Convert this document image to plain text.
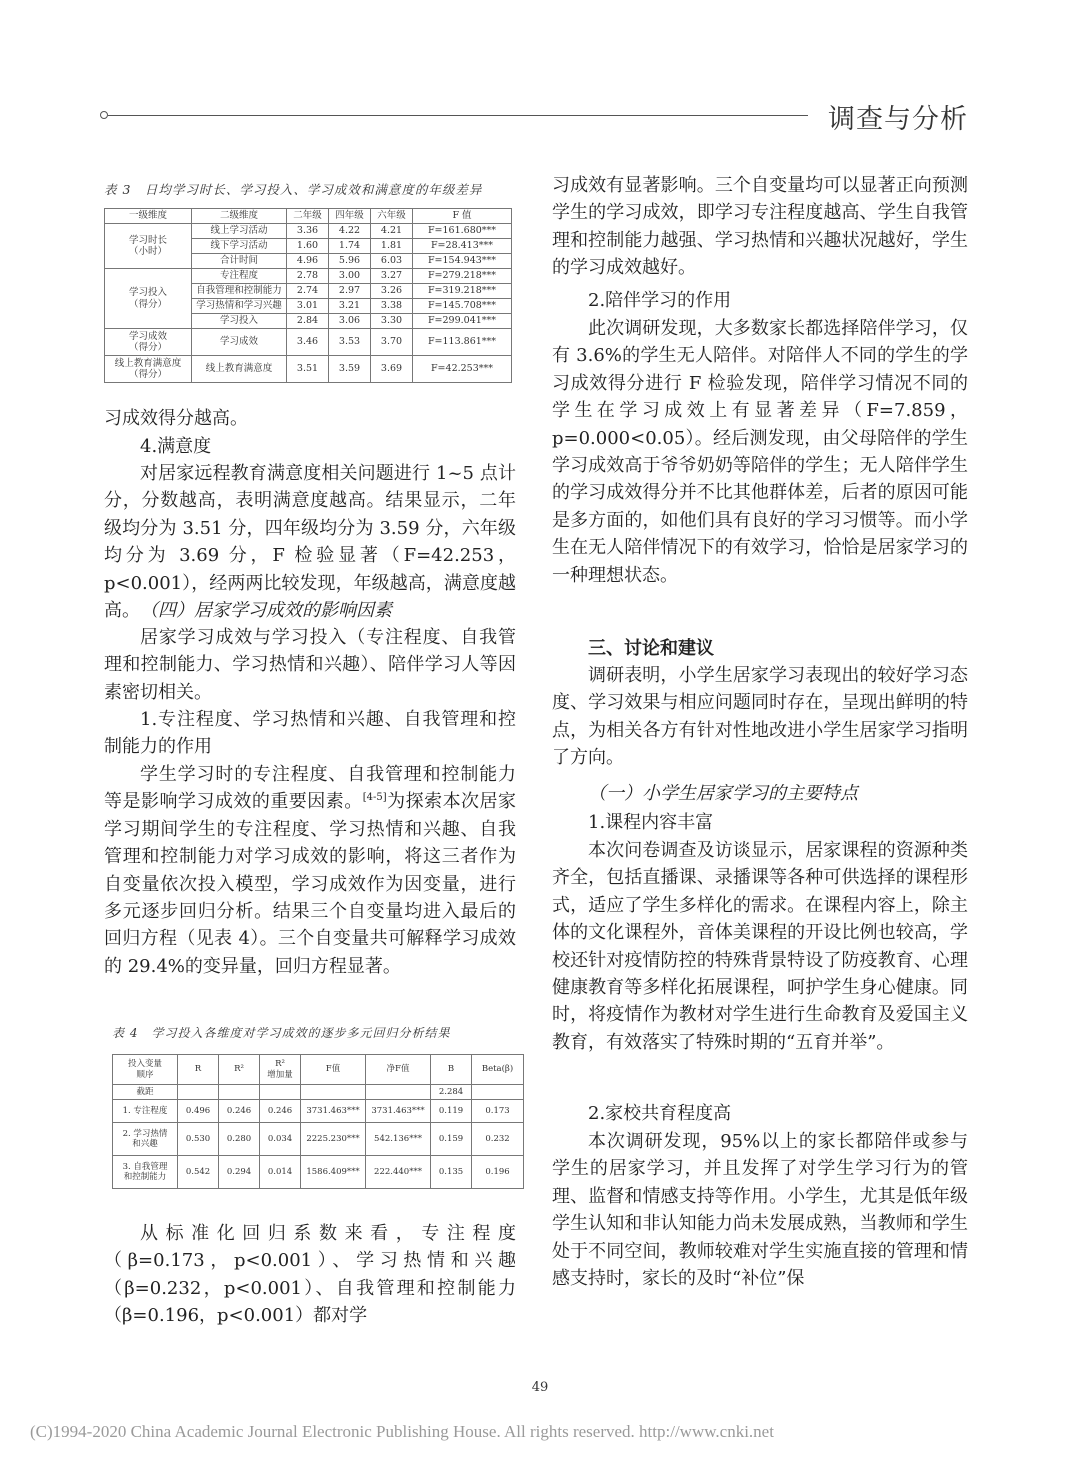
调查与分析
表 3　日均学习时长、学习投入、学习成效和满意度的年级差异
一级维度	二级维度	二年级	四年级	六年级	F 值
学习时长
（小时）	线上学习活动	3.36	4.22	4.21	F=161.680***
	线下学习活动	1.60	1.74	1.81	F=28.413***
	合计时间	4.96	5.96	6.03	F=154.943***
学习投入
（得分）	专注程度	2.78	3.00	3.27	F=279.218***
	自我管理和控制能力	2.74	2.97	3.26	F=319.218***
	学习热情和学习兴趣	3.01	3.21	3.38	F=145.708***
	学习投入	2.84	3.06	3.30	F=299.041***
学习成效
（得分）	学习成效	3.46	3.53	3.70	F=113.861***
线上教育满意度
（得分）	线上教育满意度	3.51	3.59	3.69	F=42.253***
习成效得分越高。
4.满意度
对居家远程教育满意度相关问题进行 1~5 点计分，分数越高，表明满意度越高。结果显示，二年级均分为 3.51 分，四年级均分为 3.59 分，六年级均分为 3.69 分，F 检验显著（F=42.253，p<0.001），经两两比较发现，年级越高，满意度越高。 （四）居家学习成效的影响因素
居家学习成效与学习投入（专注程度、自我管理和控制能力、学习热情和兴趣）、陪伴学习人等因素密切相关。
1.专注程度、学习热情和兴趣、自我管理和控制能力的作用
学生学习时的专注程度、自我管理和控制能力等是影响学习成效的重要因素。[4-5]为探索本次居家学习期间学生的专注程度、学习热情和兴趣、自我管理和控制能力对学习成效的影响，将这三者作为自变量依次投入模型，学习成效作为因变量，进行多元逐步回归分析。结果三个自变量均进入最后的回归方程（见表 4）。三个自变量共可解释学习成效的 29.4%的变异量，回归方程显著。
表 4　学习投入各维度对学习成效的逐步多元回归分析结果
投入变量
顺序	R	R²	R²
增加量	F值	净F值	B	Beta(β)
截距						2.284	
1. 专注程度	0.496	0.246	0.246	3731.463***	3731.463***	0.119	0.173
2. 学习热情
和兴趣	0.530	0.280	0.034	2225.230***	542.136***	0.159	0.232
3. 自我管理
和控制能力	0.542	0.294	0.014	1586.409***	222.440***	0.135	0.196
从标准化回归系数来看，专注程度（β=0.173，p<0.001）、学习热情和兴趣（β=0.232，p<0.001）、自我管理和控制能力（β=0.196，p<0.001）都对学
习成效有显著影响。三个自变量均可以显著正向预测学生的学习成效，即学习专注程度越高、学生自我管理和控制能力越强、学习热情和兴趣状况越好，学生的学习成效越好。
2.陪伴学习的作用
此次调研发现，大多数家长都选择陪伴学习，仅有 3.6%的学生无人陪伴。对陪伴人不同的学生的学习成效得分进行 F 检验发现，陪伴学习情况不同的学生在学习成效上有显著差异（F=7.859，p=0.000<0.05）。经后测发现，由父母陪伴的学生学习成效高于爷爷奶奶等陪伴的学生；无人陪伴学生的学习成效得分并不比其他群体差，后者的原因可能是多方面的，如他们具有良好的学习习惯等。而小学生在无人陪伴情况下的有效学习，恰恰是居家学习的一种理想状态。
三、讨论和建议
调研表明，小学生居家学习表现出的较好学习态度、学习效果与相应问题同时存在，呈现出鲜明的特点，为相关各方有针对性地改进小学生居家学习指明了方向。
（一）小学生居家学习的主要特点
1.课程内容丰富
本次问卷调查及访谈显示，居家课程的资源种类齐全，包括直播课、录播课等各种可供选择的课程形式，适应了学生多样化的需求。在课程内容上，除主体的文化课程外，音体美课程的开设比例也较高，学校还针对疫情防控的特殊背景特设了防疫教育、心理健康教育等多样化拓展课程，呵护学生身心健康。同时，将疫情作为教材对学生进行生命教育及爱国主义教育，有效落实了特殊时期的“五育并举”。
2.家校共育程度高
本次调研发现，95%以上的家长都陪伴或参与学生的居家学习，并且发挥了对学生学习行为的管理、监督和情感支持等作用。小学生，尤其是低年级学生认知和非认知能力尚未发展成熟，当教师和学生处于不同空间，教师较难对学生实施直接的管理和情感支持时，家长的及时“补位”保
49
(C)1994-2020 China Academic Journal Electronic Publishing House. All rights reserved. http://www.cnki.net
